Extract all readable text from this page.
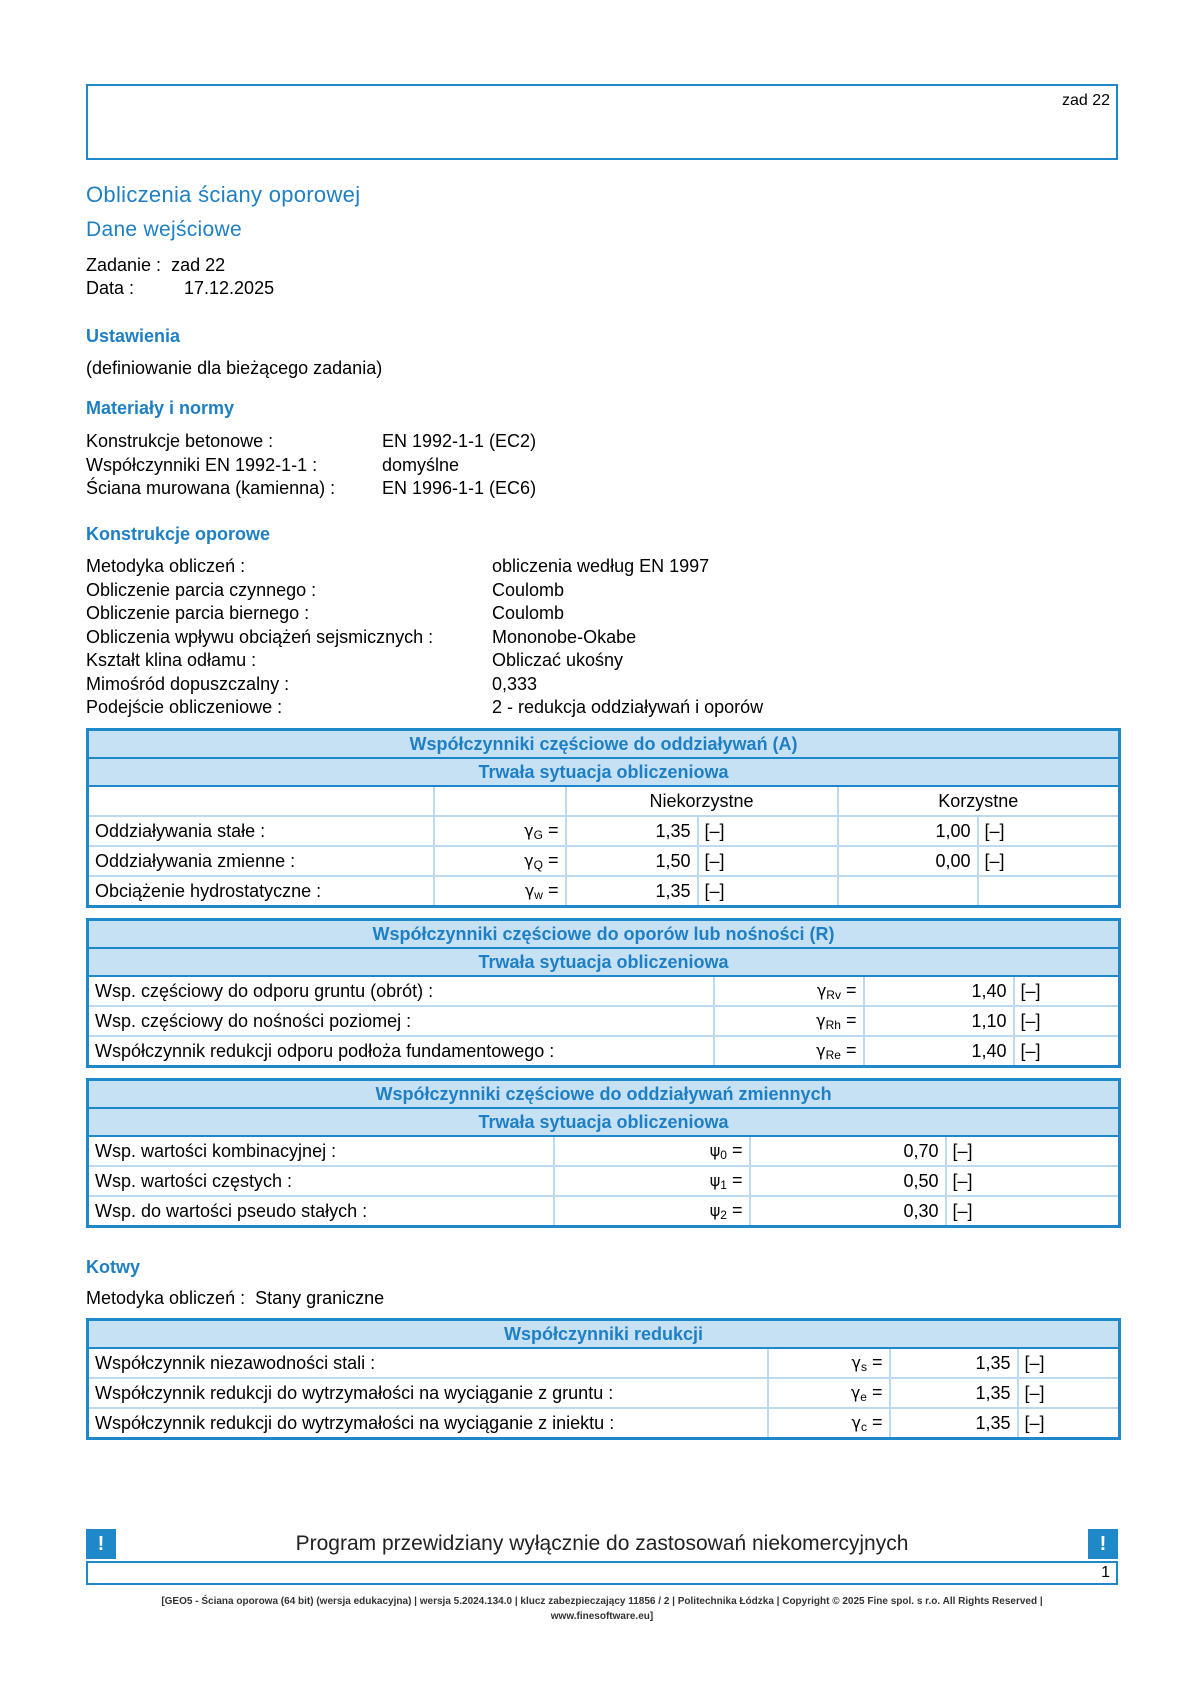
zad 22
Obliczenia ściany oporowej
Dane wejściowe
Zadanie : zad 22
Data :	17.12.2025
Ustawienia
(definiowanie dla bieżącego zadania)
Materiały i normy
Konstrukcje betonowe :	EN 1992-1-1 (EC2)
Współczynniki EN 1992-1-1 :	domyślne
Ściana murowana (kamienna) :	EN 1996-1-1 (EC6)
Konstrukcje oporowe
Metodyka obliczeń :	obliczenia według EN 1997
Obliczenie parcia czynnego :	Coulomb
Obliczenie parcia biernego :	Coulomb
Obliczenia wpływu obciążeń sejsmicznych :	Mononobe-Okabe
Kształt klina odłamu :	Obliczać ukośny
Mimośród dopuszczalny :	0,333
Podejście obliczeniowe :	2 - redukcja oddziaływań i oporów
Współczynniki częściowe do oddziaływań (A)					
Trwała sytuacja obliczeniowa					
		Niekorzystne		Korzystne	
Oddziaływania stałe :	$\gamma_G$ =	1,35	[–]	1,00	[–]
Oddziaływania zmienne :	$\gamma_Q$ =	1,50	[–]	0,00	[–]
Obciążenie hydrostatyczne :	$\gamma_w$ =	1,35	[–]		
Współczynniki częściowe do oporów lub nośności (R)			
Trwała sytuacja obliczeniowa			
Wsp. częściowy do odporu gruntu (obrót) :	$\gamma_{Rv}$ =	1,40	[–]
Wsp. częściowy do nośności poziomej :	$\gamma_{Rh}$ =	1,10	[–]
Współczynnik redukcji odporu podłoża fundamentowego :	$\gamma_{Re}$ =	1,40	[–]
Współczynniki częściowe do oddziaływań zmiennych			
Trwała sytuacja obliczeniowa			
Wsp. wartości kombinacyjnej :	$\psi_0$ =	0,70	[–]
Wsp. wartości częstych :	$\psi_1$ =	0,50	[–]
Wsp. do wartości pseudo stałych :	$\psi_2$ =	0,30	[–]
Kotwy
Metodyka obliczeń : Stany graniczne
Współczynniki redukcji			
Współczynnik niezawodności stali :	$\gamma_s$ =	1,35	[–]
Współczynnik redukcji do wytrzymałości na wyciąganie z gruntu :	$\gamma_e$ =	1,35	[–]
Współczynnik redukcji do wytrzymałości na wyciąganie z iniektu :	$\gamma_c$ =	1,35	[–]
Program przewidziany wyłącznie do zastosowań niekomercyjnych
!	!
1
[GEO5 - Ściana oporowa (64 bit) (wersja edukacyjna) | wersja 5.2024.134.0 | klucz zabezpieczający 11856 / 2 | Politechnika Łódzka | Copyright © 2025 Fine spol. s r.o. All Rights Reserved |
www.finesoftware.eu]
